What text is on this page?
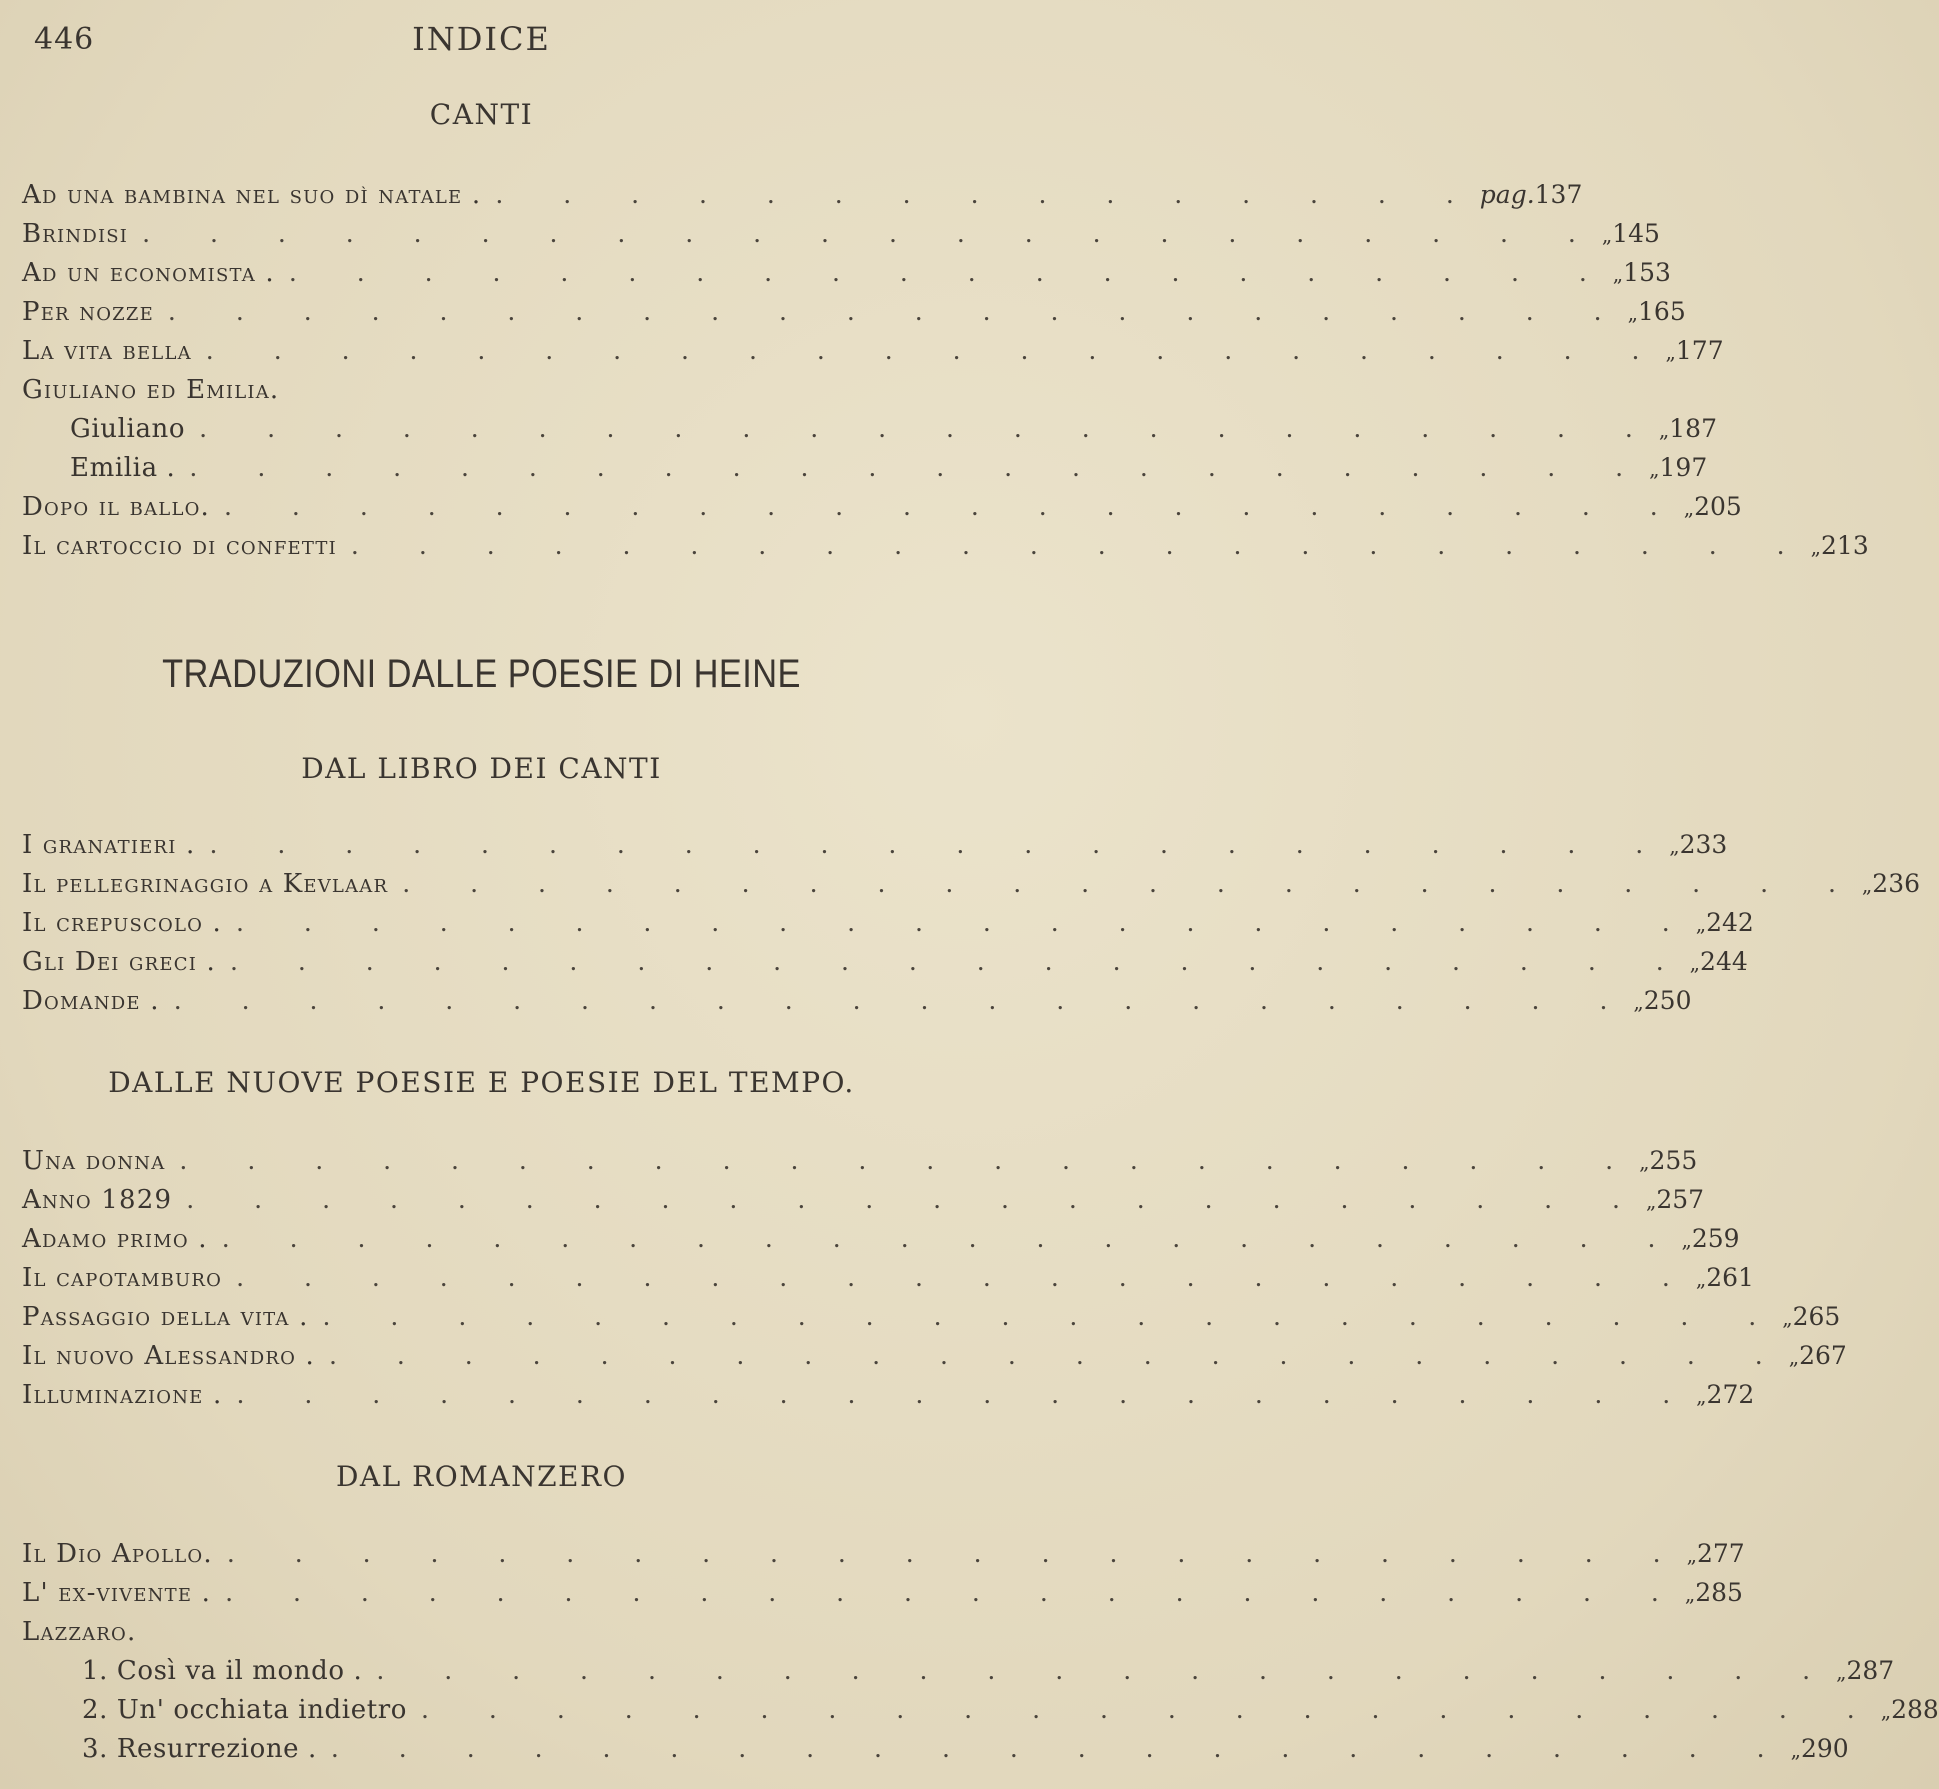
446	INDICE
CANTI
Ad una bambina nel suo dì natale . . . . . . . . . . . . . . . . pag. 137
Brindisi . . . . . . . . . . . . . . . . . . . . . . „ 145
Ad un economista . . . . . . . . . . . . . . . . . . . . . „ 153
Per nozze . . . . . . . . . . . . . . . . . . . . . . „ 165
La vita bella . . . . . . . . . . . . . . . . . . . . . . „ 177
Giuliano ed Emilia.
Giuliano . . . . . . . . . . . . . . . . . . . . . . „ 187
Emilia . . . . . . . . . . . . . . . . . . . . . . . „ 197
Dopo il ballo. . . . . . . . . . . . . . . . . . . . . . . „ 205
Il cartoccio di confetti . . . . . . . . . . . . . . . . . . . . . . „ 213
TRADUZIONI DALLE POESIE DI HEINE
DAL LIBRO DEI CANTI
I granatieri . . . . . . . . . . . . . . . . . . . . . . . „ 233
Il pellegrinaggio a Kevlaar . . . . . . . . . . . . . . . . . . . . . . „ 236
Il crepuscolo . . . . . . . . . . . . . . . . . . . . . . . „ 242
Gli Dei greci . . . . . . . . . . . . . . . . . . . . . . . „ 244
Domande . . . . . . . . . . . . . . . . . . . . . . . „ 250
DALLE NUOVE POESIE E POESIE DEL TEMPO.
Una donna . . . . . . . . . . . . . . . . . . . . . . „ 255
Anno 1829 . . . . . . . . . . . . . . . . . . . . . . „ 257
Adamo primo . . . . . . . . . . . . . . . . . . . . . . . „ 259
Il capotamburo . . . . . . . . . . . . . . . . . . . . . . „ 261
Passaggio della vita . . . . . . . . . . . . . . . . . . . . . . . „ 265
Il nuovo Alessandro . . . . . . . . . . . . . . . . . . . . . . . „ 267
Illuminazione . . . . . . . . . . . . . . . . . . . . . . . „ 272
DAL ROMANZERO
Il Dio Apollo. . . . . . . . . . . . . . . . . . . . . . . „ 277
L' ex-vivente . . . . . . . . . . . . . . . . . . . . . . . „ 285
Lazzaro.
1. Così va il mondo . . . . . . . . . . . . . . . . . . . . . . . „ 287
2. Un' occhiata indietro . . . . . . . . . . . . . . . . . . . . . . „ 288
3. Resurrezione . . . . . . . . . . . . . . . . . . . . . . . „ 290
